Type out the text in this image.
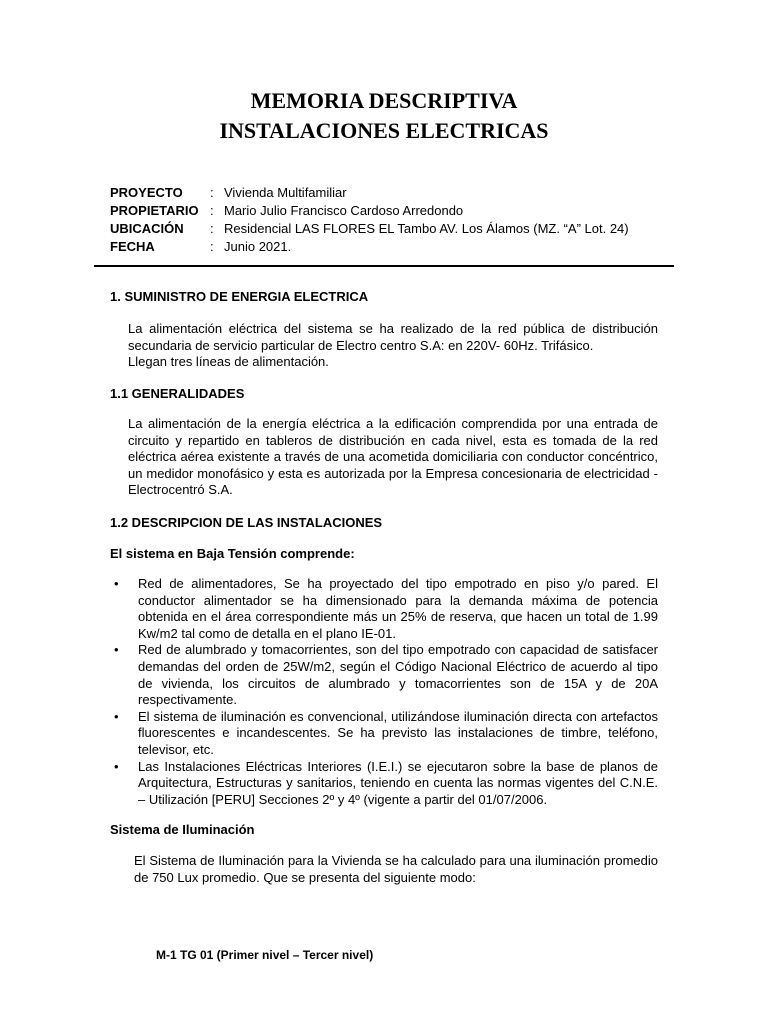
MEMORIA DESCRIPTIVA
INSTALACIONES ELECTRICAS
PROYECTO	: Vivienda Multifamiliar
PROPIETARIO : Mario Julio Francisco Cardoso Arredondo
UBICACIÓN	: Residencial LAS FLORES EL Tambo AV. Los Álamos (MZ. “A” Lot. 24)
FECHA	: Junio 2021.
1. SUMINISTRO DE ENERGIA ELECTRICA

La alimentación eléctrica del sistema se ha realizado de la red pública de distribución secundaria de servicio particular de Electro centro S.A: en 220V- 60Hz. Trifásico.

Llegan tres líneas de alimentación.

1.1 GENERALIDADES

La alimentación de la energía eléctrica a la edificación comprendida por una entrada de circuito y repartido en tableros de distribución en cada nivel, esta es tomada de la red eléctrica aérea existente a través de una acometida domiciliaria con conductor concéntrico, un medidor monofásico y esta es autorizada por la Empresa concesionaria de electricidad - Electrocentró S.A.

1.2 DESCRIPCION DE LAS INSTALACIONES
El sistema en Baja Tensión comprende:
• Red de alimentadores, Se ha proyectado del tipo empotrado en piso y/o pared. El conductor alimentador se ha dimensionado para la demanda máxima de potencia obtenida en el área correspondiente más un 25% de reserva, que hacen un total de 1.99 Kw/m2 tal como de detalla en el plano IE-01.
• Red de alumbrado y tomacorrientes, son del tipo empotrado con capacidad de satisfacer demandas del orden de 25W/m2, según el Código Nacional Eléctrico de acuerdo al tipo de vivienda, los circuitos de alumbrado y tomacorrientes son de 15A y de 20A respectivamente.
• El sistema de iluminación es convencional, utilizándose iluminación directa con artefactos fluorescentes e incandescentes. Se ha previsto las instalaciones de timbre, teléfono, televisor, etc.
• Las Instalaciones Eléctricas Interiores (I.E.I.) se ejecutaron sobre la base de planos de Arquitectura, Estructuras y sanitarios, teniendo en cuenta las normas vigentes del C.N.E. – Utilización [PERU] Secciones 2º y 4º (vigente a partir del 01/07/2006.
Sistema de Iluminación

El Sistema de Iluminación para la Vivienda se ha calculado para una iluminación promedio de 750 Lux promedio. Que se presenta del siguiente modo:

M-1 TG 01 (Primer nivel – Tercer nivel)
